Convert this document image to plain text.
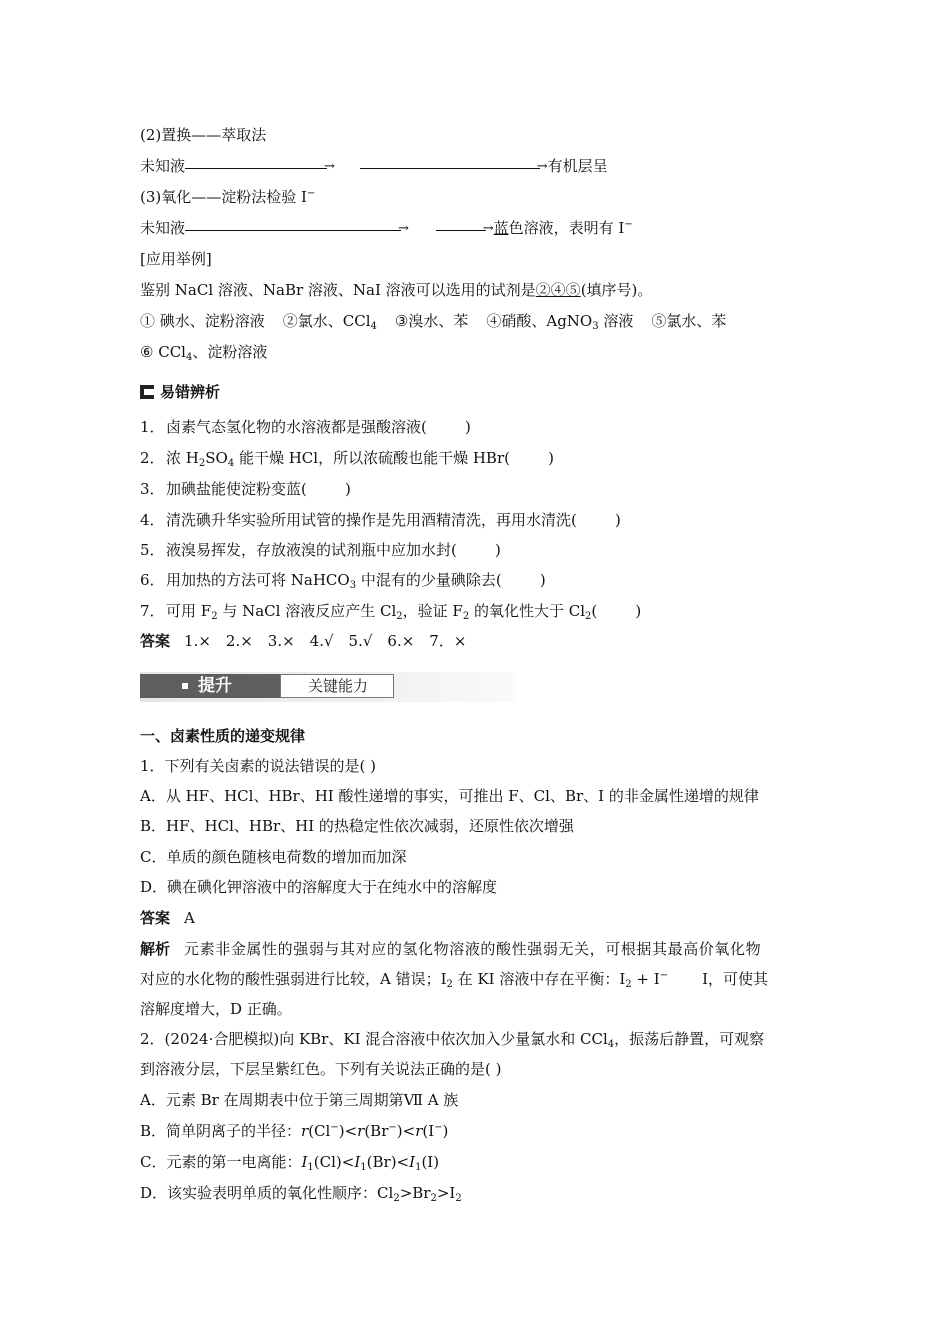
(2)置换——萃取法
未知液	→	→有机层呈
(3)氧化——淀粉法检验 I−
未知液	→	→蓝色溶液，表明有 I−
[应用举例]
鉴别 NaCl 溶液、NaBr 溶液、NaI 溶液可以选用的试剂是②④⑤(填序号)。
① 碘水、淀粉溶液 ②氯水、CCl$_4$ ③溴水、苯 ④硝酸、AgNO$_3$ 溶液 ⑤氯水、苯
⑥ CCl$_4$、淀粉溶液
易错辨析
1．卤素气态氢化物的水溶液都是强酸溶液(        )
2．浓 $H_2SO_4$ 能干燥 HCl，所以浓硫酸也能干燥 HBr(        )
3．加碘盐能使淀粉变蓝(        )
4．清洗碘升华实验所用试管的操作是先用酒精清洗，再用水清洗(        )
5．液溴易挥发，存放液溴的试剂瓶中应加水封(        )
6．用加热的方法可将 NaHCO$_3$ 中混有的少量碘除去(        )
7．可用 $F_2$ 与 NaCl 溶液反应产生 $Cl_2$，验证 $F_2$ 的氧化性大于 $Cl_2$(        )
答案 1.×　2.×　3.×　4.√　5.√　6.×　7．×
提升	关键能力
一、卤素性质的递变规律
1．下列有关卤素的说法错误的是( )
A．从 HF、HCl、HBr、HI 酸性递增的事实，可推出 F、Cl、Br、I 的非金属性递增的规律
B．HF、HCl、HBr、HI 的热稳定性依次减弱，还原性依次增强
C．单质的颜色随核电荷数的增加而加深
D．碘在碘化钾溶液中的溶解度大于在纯水中的溶解度
答案 A
解析 元素非金属性的强弱与其对应的氢化物溶液的酸性强弱无关，可根据其最高价氧化物
对应的水化物的酸性强弱进行比较，A 错误；$I_2$ 在 KI 溶液中存在平衡：$I_2 + I^-$ I，可使其
溶解度增大，D 正确。
2．(2024·合肥模拟)向 KBr、KI 混合溶液中依次加入少量氯水和 CCl$_4$，振荡后静置，可观察
到溶液分层，下层呈紫红色。下列有关说法正确的是( )
A．元素 Br 在周期表中位于第三周期第Ⅶ A 族
B．简单阴离子的半径：r(Cl−)<r(Br−)<r(I−)
C．元素的第一电离能：$I_1(Cl)<I_1(Br)<I_1(I)$
D．该实验表明单质的氧化性顺序：$Cl_2>Br_2>I_2$
